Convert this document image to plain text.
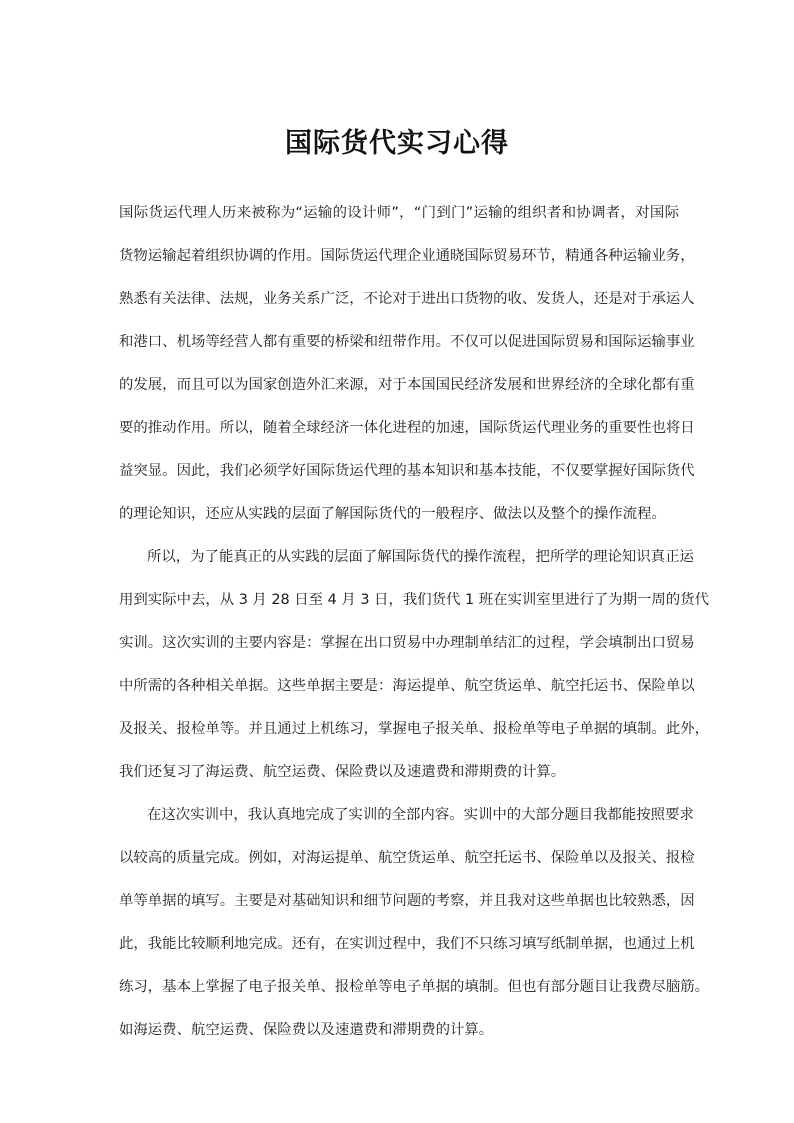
国际货代实习心得
国际货运代理人历来被称为“运输的设计师”，“门到门”运输的组织者和协调者，对国际
货物运输起着组织协调的作用。国际货运代理企业通晓国际贸易环节，精通各种运输业务，
熟悉有关法律、法规，业务关系广泛，不论对于进出口货物的收、发货人，还是对于承运人
和港口、机场等经营人都有重要的桥梁和纽带作用。不仅可以促进国际贸易和国际运输事业
的发展，而且可以为国家创造外汇来源，对于本国国民经济发展和世界经济的全球化都有重
要的推动作用。所以，随着全球经济一体化进程的加速，国际货运代理业务的重要性也将日
益突显。因此，我们必须学好国际货运代理的基本知识和基本技能，不仅要掌握好国际货代
的理论知识，还应从实践的层面了解国际货代的一般程序、做法以及整个的操作流程。
所以，为了能真正的从实践的层面了解国际货代的操作流程，把所学的理论知识真正运
用到实际中去，从 3 月 28 日至 4 月 3 日，我们货代 1 班在实训室里进行了为期一周的货代
实训。这次实训的主要内容是：掌握在出口贸易中办理制单结汇的过程，学会填制出口贸易
中所需的各种相关单据。这些单据主要是：海运提单、航空货运单、航空托运书、保险单以
及报关、报检单等。并且通过上机练习，掌握电子报关单、报检单等电子单据的填制。此外，
我们还复习了海运费、航空运费、保险费以及速遣费和滞期费的计算。
在这次实训中，我认真地完成了实训的全部内容。实训中的大部分题目我都能按照要求
以较高的质量完成。例如，对海运提单、航空货运单、航空托运书、保险单以及报关、报检
单等单据的填写。主要是对基础知识和细节问题的考察，并且我对这些单据也比较熟悉，因
此，我能比较顺利地完成。还有，在实训过程中，我们不只练习填写纸制单据，也通过上机
练习，基本上掌握了电子报关单、报检单等电子单据的填制。但也有部分题目让我费尽脑筋。
如海运费、航空运费、保险费以及速遣费和滞期费的计算。
